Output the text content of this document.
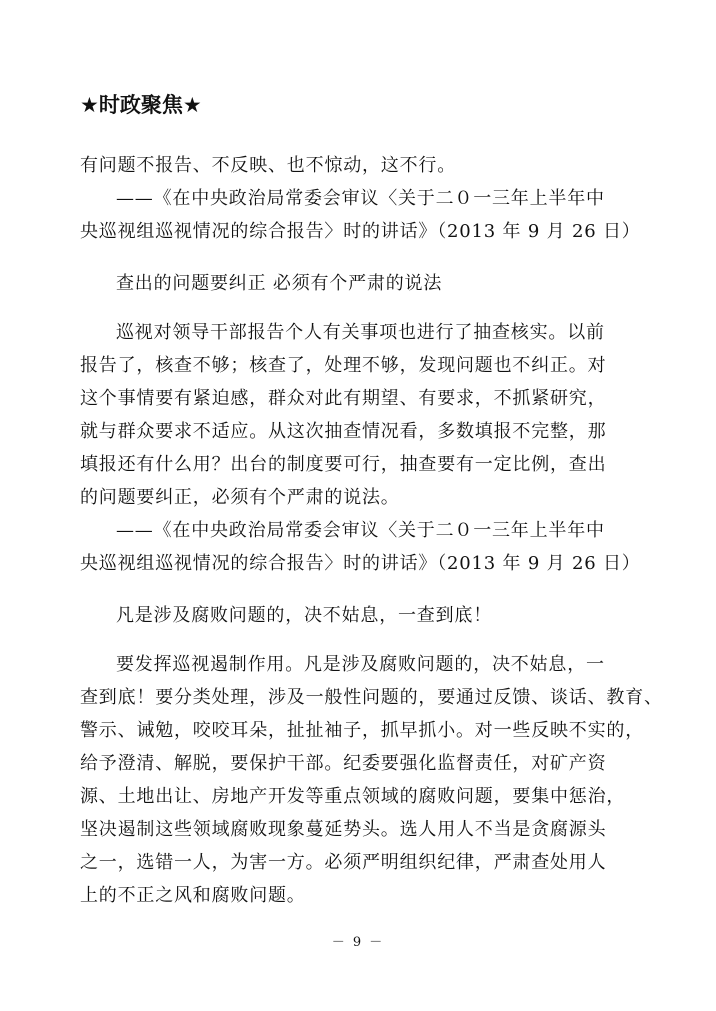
★时政聚焦★
有问题不报告、不反映、也不惊动，这不行。
——《在中央政治局常委会审议〈关于二０一三年上半年中
央巡视组巡视情况的综合报告〉时的讲话》（2013 年 9 月 26 日）
查出的问题要纠正 必须有个严肃的说法
巡视对领导干部报告个人有关事项也进行了抽查核实。以前
报告了，核查不够；核查了，处理不够，发现问题也不纠正。对
这个事情要有紧迫感，群众对此有期望、有要求，不抓紧研究，
就与群众要求不适应。从这次抽查情况看，多数填报不完整，那
填报还有什么用？出台的制度要可行，抽查要有一定比例，查出
的问题要纠正，必须有个严肃的说法。
——《在中央政治局常委会审议〈关于二０一三年上半年中
央巡视组巡视情况的综合报告〉时的讲话》（2013 年 9 月 26 日）
凡是涉及腐败问题的，决不姑息，一查到底！
要发挥巡视遏制作用。凡是涉及腐败问题的，决不姑息，一
查到底！要分类处理，涉及一般性问题的，要通过反馈、谈话、教育、
警示、诫勉，咬咬耳朵，扯扯袖子，抓早抓小。对一些反映不实的，
给予澄清、解脱，要保护干部。纪委要强化监督责任，对矿产资
源、土地出让、房地产开发等重点领域的腐败问题，要集中惩治，
坚决遏制这些领域腐败现象蔓延势头。选人用人不当是贪腐源头
之一，选错一人，为害一方。必须严明组织纪律，严肃查处用人
上的不正之风和腐败问题。
－ 9 －
